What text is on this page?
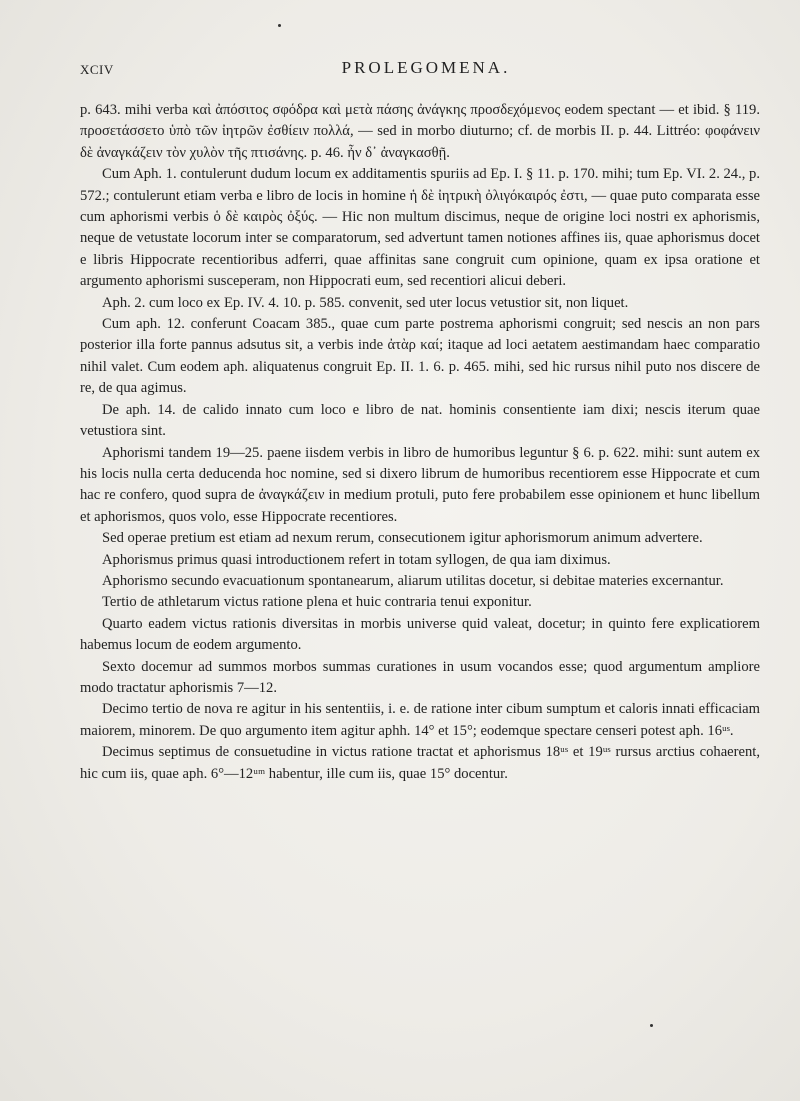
XCIV	PROLEGOMENA.

p. 643. mihi verba καὶ ἀπόσιτος σφόδρα καὶ μετὰ πάσης ἀνάγκης προσδεχόμενος eodem spectant — et ibid. § 119. προσετάσσετο ὑπὸ τῶν ἰητρῶν ἐσθίειν πολλά, — sed in morbo diuturno; cf. de morbis II. p. 44. Littréo: φοφάνειν δὲ ἀναγκάζειν τὸν χυλὸν τῆς πτισάνης. p. 46. ἦν δ᾽ ἀναγκασθῇ.

Cum Aph. 1. contulerunt dudum locum ex additamentis spuriis ad Ep. I. § 11. p. 170. mihi; tum Ep. VI. 2. 24., p. 572.; contulerunt etiam verba e libro de locis in homine ἡ δὲ ἰητρικὴ ὀλιγόκαιρός ἐστι, — quae puto comparata esse cum aphorismi verbis ὁ δὲ καιρὸς ὀξύς. — Hic non multum discimus, neque de origine loci nostri ex aphorismis, neque de vetustate locorum inter se comparatorum, sed advertunt tamen notiones affines iis, quae aphorismus docet e libris Hippocrate recentioribus adferri, quae affinitas sane congruit cum opinione, quam ex ipsa oratione et argumento aphorismi susceperam, non Hippocrati eum, sed recentiori alicui deberi.

Aph. 2. cum loco ex Ep. IV. 4. 10. p. 585. convenit, sed uter locus vetustior sit, non liquet.

Cum aph. 12. conferunt Coacam 385., quae cum parte postrema aphorismi congruit; sed nescis an non pars posterior illa forte pannus adsutus sit, a verbis inde ἀτὰρ καί; itaque ad loci aetatem aestimandam haec comparatio nihil valet. Cum eodem aph. aliquatenus congruit Ep. II. 1. 6. p. 465. mihi, sed hic rursus nihil puto nos discere de re, de qua agimus.

De aph. 14. de calido innato cum loco e libro de nat. hominis consentiente iam dixi; nescis iterum quae vetustiora sint.

Aphorismi tandem 19—25. paene iisdem verbis in libro de humoribus leguntur § 6. p. 622. mihi: sunt autem ex his locis nulla certa deducenda hoc nomine, sed si dixero librum de humoribus recentiorem esse Hippocrate et cum hac re confero, quod supra de ἀναγκάζειν in medium protuli, puto fere probabilem esse opinionem et hunc libellum et aphorismos, quos volo, esse Hippocrate recentiores.

Sed operae pretium est etiam ad nexum rerum, consecutionem igitur aphorismorum animum advertere.

Aphorismus primus quasi introductionem refert in totam syllogen, de qua iam diximus.

Aphorismo secundo evacuationum spontanearum, aliarum utilitas docetur, si debitae materies excernantur.

Tertio de athletarum victus ratione plena et huic contraria tenui exponitur.

Quarto eadem victus rationis diversitas in morbis universe quid valeat, docetur; in quinto fere explicatiorem habemus locum de eodem argumento.

Sexto docemur ad summos morbos summas curationes in usum vocandos esse; quod argumentum ampliore modo tractatur aphorismis 7—12.

Decimo tertio de nova re agitur in his sententiis, i. e. de ratione inter cibum sumptum et caloris innati efficaciam maiorem, minorem. De quo argumento item agitur aphh. 14° et 15°; eodemque spectare censeri potest aph. 16ᵘˢ.

Decimus septimus de consuetudine in victus ratione tractat et aphorismus 18ᵘˢ et 19ᵘˢ rursus arctius cohaerent, hic cum iis, quae aph. 6°—12ᵘᵐ habentur, ille cum iis, quae 15° docentur.
